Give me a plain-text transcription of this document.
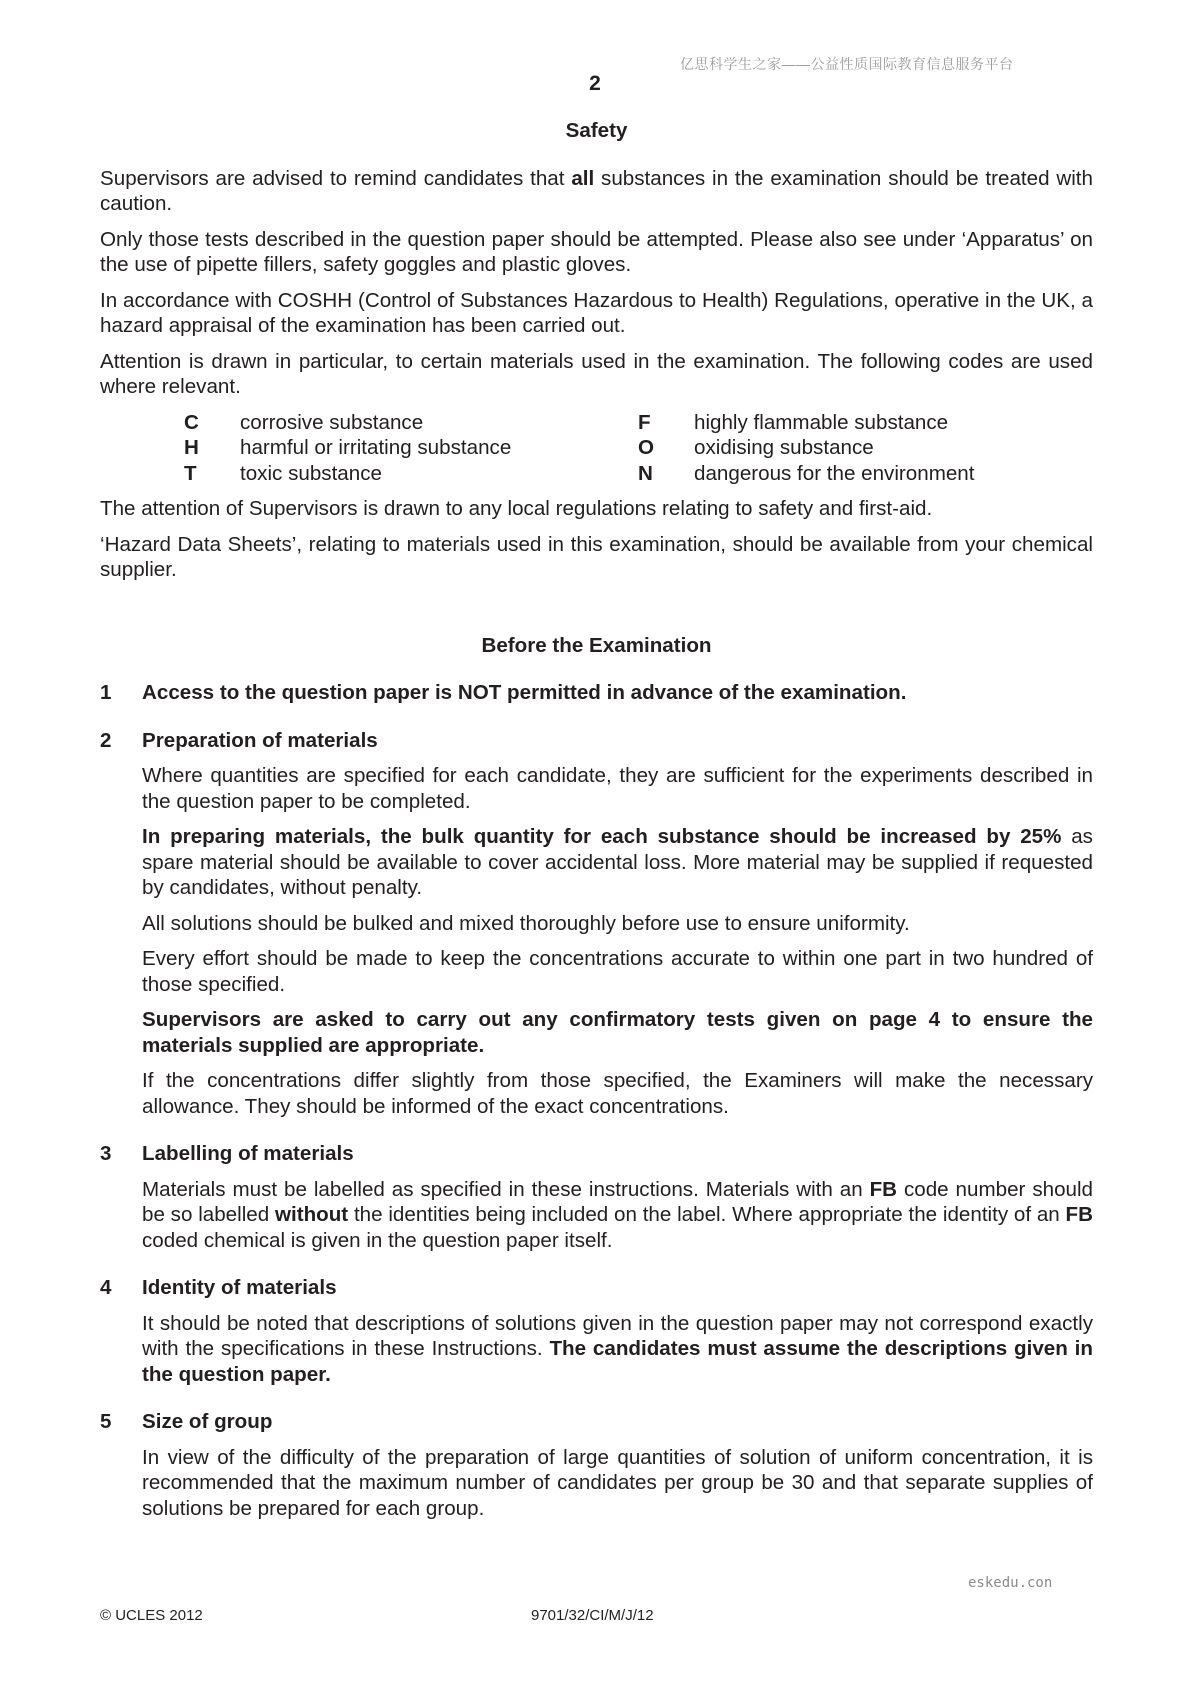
亿思科学生之家——公益性质国际教育信息服务平台
2
Safety

Supervisors are advised to remind candidates that all substances in the examination should be treated with caution.

Only those tests described in the question paper should be attempted. Please also see under ‘Apparatus’ on the use of pipette fillers, safety goggles and plastic gloves.

In accordance with COSHH (Control of Substances Hazardous to Health) Regulations, operative in the UK, a hazard appraisal of the examination has been carried out.

Attention is drawn in particular, to certain materials used in the examination. The following codes are used where relevant.

C	corrosive substance	F	highly flammable substance
H	harmful or irritating substance	O	oxidising substance
T	toxic substance	N	dangerous for the environment

The attention of Supervisors is drawn to any local regulations relating to safety and first-aid.

‘Hazard Data Sheets’, relating to materials used in this examination, should be available from your chemical supplier.

Before the Examination
1	Access to the question paper is NOT permitted in advance of the examination.
2	Preparation of materials

Where quantities are specified for each candidate, they are sufficient for the experiments described in the question paper to be completed.

In preparing materials, the bulk quantity for each substance should be increased by 25% as spare material should be available to cover accidental loss. More material may be supplied if requested by candidates, without penalty.

All solutions should be bulked and mixed thoroughly before use to ensure uniformity.

Every effort should be made to keep the concentrations accurate to within one part in two hundred of those specified.

Supervisors are asked to carry out any confirmatory tests given on page 4 to ensure the materials supplied are appropriate.

If the concentrations differ slightly from those specified, the Examiners will make the necessary allowance. They should be informed of the exact concentrations.

3	Labelling of materials

Materials must be labelled as specified in these instructions. Materials with an FB code number should be so labelled without the identities being included on the label. Where appropriate the identity of an FB coded chemical is given in the question paper itself.

4	Identity of materials

It should be noted that descriptions of solutions given in the question paper may not correspond exactly with the specifications in these Instructions. The candidates must assume the descriptions given in the question paper.

5	Size of group

In view of the difficulty of the preparation of large quantities of solution of uniform concentration, it is recommended that the maximum number of candidates per group be 30 and that separate supplies of solutions be prepared for each group.

eskedu.con
© UCLES 2012	9701/32/CI/M/J/12
